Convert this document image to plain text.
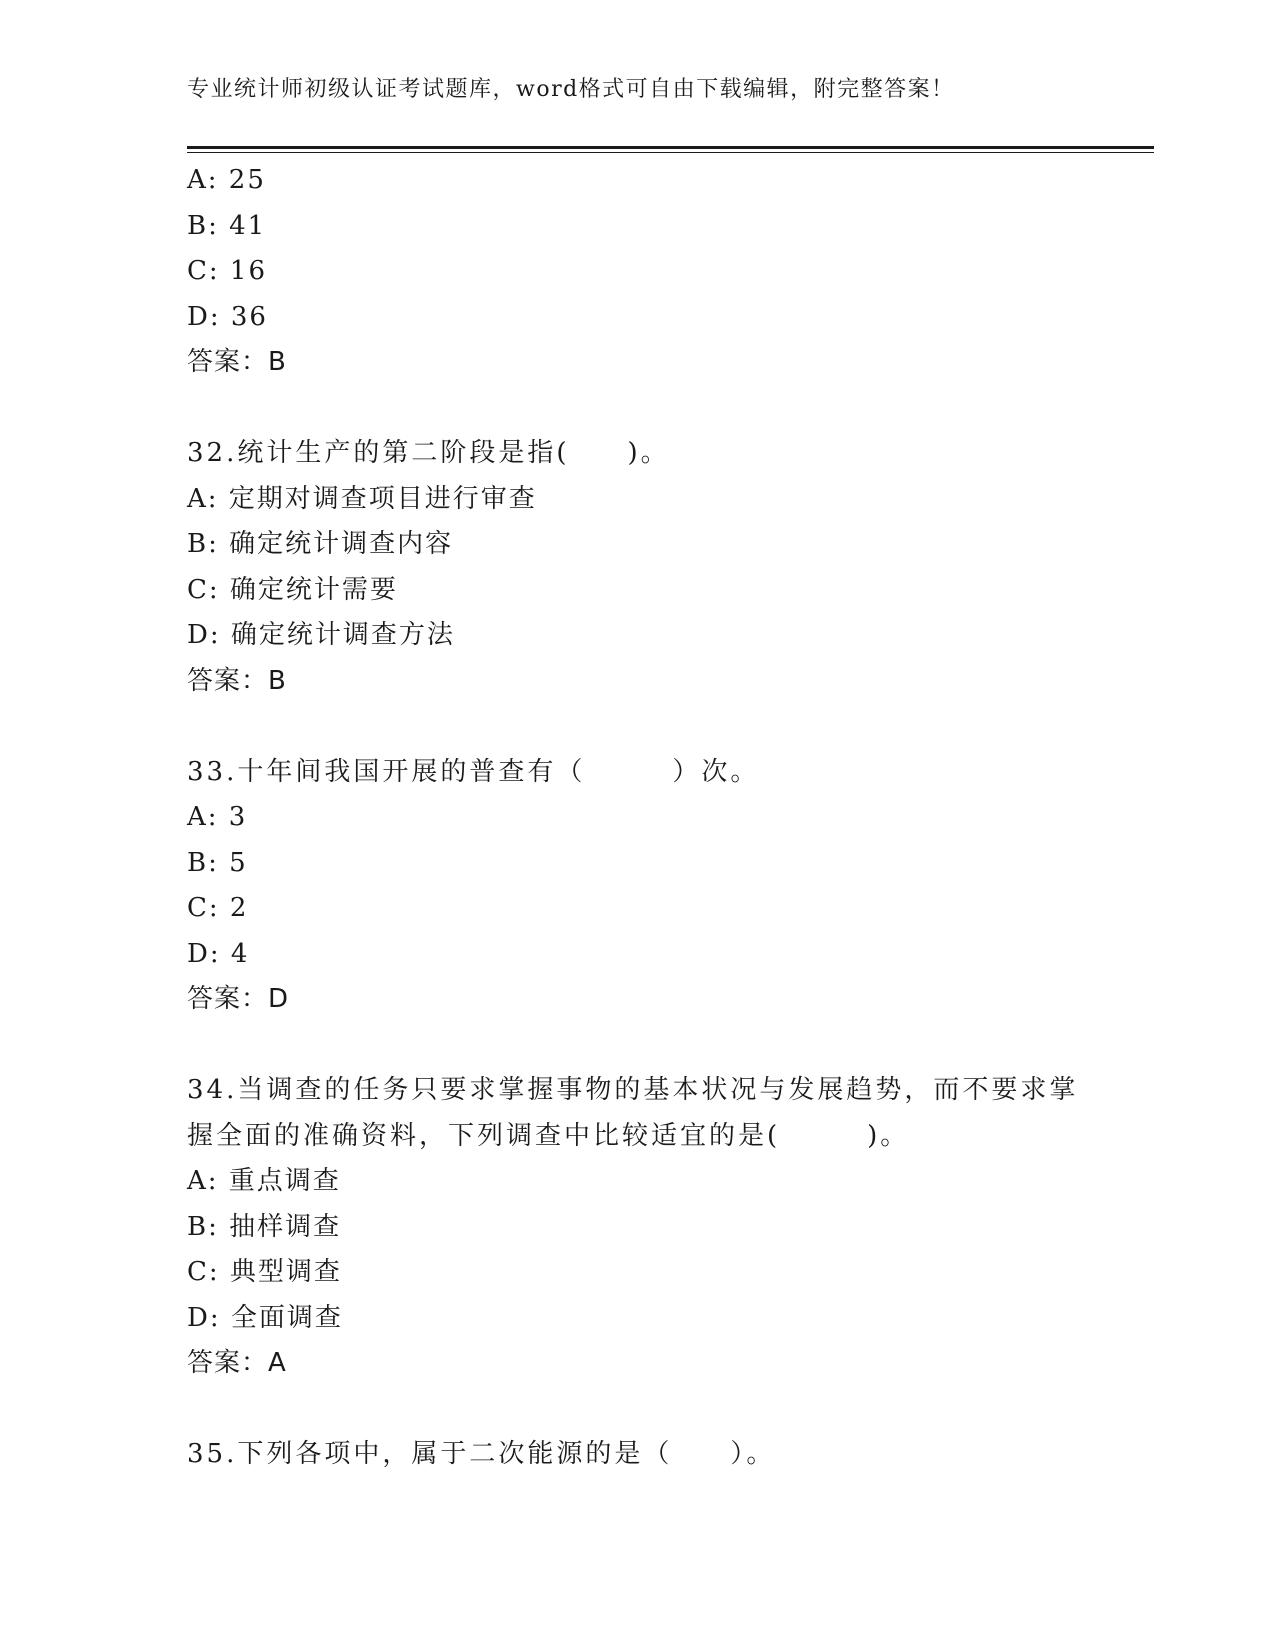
专业统计师初级认证考试题库，word格式可自由下载编辑，附完整答案！
A: 25
B: 41
C: 16
D: 36
答案：B
32.统计生产的第二阶段是指(　　)。
A: 定期对调查项目进行审查
B: 确定统计调查内容
C: 确定统计需要
D: 确定统计调查方法
答案：B
33.十年间我国开展的普查有（　　　）次。
A: 3
B: 5
C: 2
D: 4
答案：D
34.当调查的任务只要求掌握事物的基本状况与发展趋势，而不要求掌
握全面的准确资料，下列调查中比较适宜的是(　　　)。
A: 重点调查
B: 抽样调查
C: 典型调查
D: 全面调查
答案：A
35.下列各项中，属于二次能源的是（　　）。
